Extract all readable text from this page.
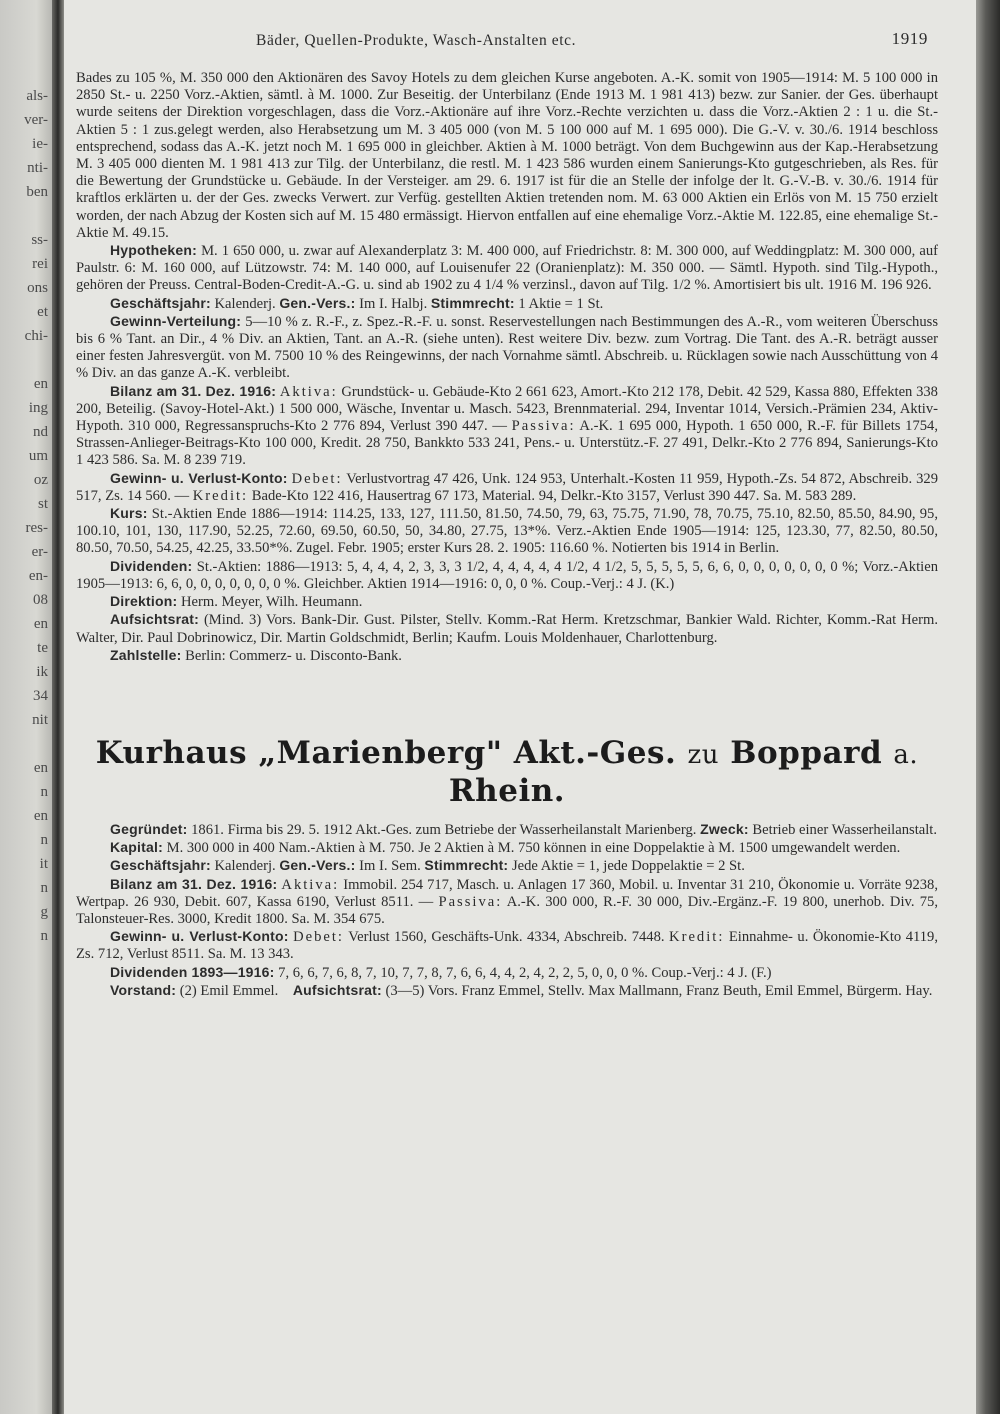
als-
ver-
ie-
nti-
ben

ss-
rei
ons
et
chi-

en
ing
nd
um
oz
st
res-
er-
en-
08
en
te
ik
34
nit

en
n
en
n
it
n
g
n
Bäder, Quellen-Produkte, Wasch-Anstalten etc.	1919

Bades zu 105 %, M. 350 000 den Aktionären des Savoy Hotels zu dem gleichen Kurse angeboten. A.-K. somit von 1905—1914: M. 5 100 000 in 2850 St.- u. 2250 Vorz.-Aktien, sämtl. à M. 1000. Zur Beseitig. der Unterbilanz (Ende 1913 M. 1 981 413) bezw. zur Sanier. der Ges. überhaupt wurde seitens der Direktion vorgeschlagen, dass die Vorz.-Aktionäre auf ihre Vorz.-Rechte verzichten u. dass die Vorz.-Aktien 2 : 1 u. die St.-Aktien 5 : 1 zus.gelegt werden, also Herabsetzung um M. 3 405 000 (von M. 5 100 000 auf M. 1 695 000). Die G.-V. v. 30./6. 1914 beschloss entsprechend, sodass das A.-K. jetzt noch M. 1 695 000 in gleichber. Aktien à M. 1000 beträgt. Von dem Buchgewinn aus der Kap.-Herabsetzung M. 3 405 000 dienten M. 1 981 413 zur Tilg. der Unterbilanz, die restl. M. 1 423 586 wurden einem Sanierungs-Kto gutgeschrieben, als Res. für die Bewertung der Grundstücke u. Gebäude. In der Versteiger. am 29. 6. 1917 ist für die an Stelle der infolge der lt. G.-V.-B. v. 30./6. 1914 für kraftlos erklärten u. der der Ges. zwecks Verwert. zur Verfüg. gestellten Aktien tretenden nom. M. 63 000 Aktien ein Erlös von M. 15 750 erzielt worden, der nach Abzug der Kosten sich auf M. 15 480 ermässigt. Hiervon entfallen auf eine ehemalige Vorz.-Aktie M. 122.85, eine ehemalige St.-Aktie M. 49.15.

Hypotheken: M. 1 650 000, u. zwar auf Alexanderplatz 3: M. 400 000, auf Friedrichstr. 8: M. 300 000, auf Weddingplatz: M. 300 000, auf Paulstr. 6: M. 160 000, auf Lützowstr. 74: M. 140 000, auf Louisenufer 22 (Oranienplatz): M. 350 000. — Sämtl. Hypoth. sind Tilg.-Hypoth., gehören der Preuss. Central-Boden-Credit-A.-G. u. sind ab 1902 zu 4 1/4 % verzinsl., davon auf Tilg. 1/2 %. Amortisiert bis ult. 1916 M. 196 926.

Geschäftsjahr: Kalenderj. Gen.-Vers.: Im I. Halbj. Stimmrecht: 1 Aktie = 1 St.

Gewinn-Verteilung: 5—10 % z. R.-F., z. Spez.-R.-F. u. sonst. Reservestellungen nach Bestimmungen des A.-R., vom weiteren Überschuss bis 6 % Tant. an Dir., 4 % Div. an Aktien, Tant. an A.-R. (siehe unten). Rest weitere Div. bezw. zum Vortrag. Die Tant. des A.-R. beträgt ausser einer festen Jahresvergüt. von M. 7500 10 % des Reingewinns, der nach Vornahme sämtl. Abschreib. u. Rücklagen sowie nach Ausschüttung von 4 % Div. an das ganze A.-K. verbleibt.

Bilanz am 31. Dez. 1916: Aktiva: Grundstück- u. Gebäude-Kto 2 661 623, Amort.-Kto 212 178, Debit. 42 529, Kassa 880, Effekten 338 200, Beteilig. (Savoy-Hotel-Akt.) 1 500 000, Wäsche, Inventar u. Masch. 5423, Brennmaterial. 294, Inventar 1014, Versich.-Prämien 234, Aktiv-Hypoth. 310 000, Regressanspruchs-Kto 2 776 894, Verlust 390 447. — Passiva: A.-K. 1 695 000, Hypoth. 1 650 000, R.-F. für Billets 1754, Strassen-Anlieger-Beitrags-Kto 100 000, Kredit. 28 750, Bankkto 533 241, Pens.- u. Unterstütz.-F. 27 491, Delkr.-Kto 2 776 894, Sanierungs-Kto 1 423 586. Sa. M. 8 239 719.

Gewinn- u. Verlust-Konto: Debet: Verlustvortrag 47 426, Unk. 124 953, Unterhalt.-Kosten 11 959, Hypoth.-Zs. 54 872, Abschreib. 329 517, Zs. 14 560. — Kredit: Bade-Kto 122 416, Hausertrag 67 173, Material. 94, Delkr.-Kto 3157, Verlust 390 447. Sa. M. 583 289.

Kurs: St.-Aktien Ende 1886—1914: 114.25, 133, 127, 111.50, 81.50, 74.50, 79, 63, 75.75, 71.90, 78, 70.75, 75.10, 82.50, 85.50, 84.90, 95, 100.10, 101, 130, 117.90, 52.25, 72.60, 69.50, 60.50, 50, 34.80, 27.75, 13*%. Verz.-Aktien Ende 1905—1914: 125, 123.30, 77, 82.50, 80.50, 80.50, 70.50, 54.25, 42.25, 33.50*%. Zugel. Febr. 1905; erster Kurs 28. 2. 1905: 116.60 %. Notierten bis 1914 in Berlin.

Dividenden: St.-Aktien: 1886—1913: 5, 4, 4, 4, 2, 3, 3, 3 1/2, 4, 4, 4, 4, 4 1/2, 4 1/2, 5, 5, 5, 5, 5, 6, 6, 0, 0, 0, 0, 0, 0, 0 %; Vorz.-Aktien 1905—1913: 6, 6, 0, 0, 0, 0, 0, 0, 0 %. Gleichber. Aktien 1914—1916: 0, 0, 0 %. Coup.-Verj.: 4 J. (K.)

Direktion: Herm. Meyer, Wilh. Heumann.

Aufsichtsrat: (Mind. 3) Vors. Bank-Dir. Gust. Pilster, Stellv. Komm.-Rat Herm. Kretzschmar, Bankier Wald. Richter, Komm.-Rat Herm. Walter, Dir. Paul Dobrinowicz, Dir. Martin Goldschmidt, Berlin; Kaufm. Louis Moldenhauer, Charlottenburg.

Zahlstelle: Berlin: Commerz- u. Disconto-Bank.

Kurhaus „Marienberg" Akt.-Ges. zu Boppard a. Rhein.

Gegründet: 1861. Firma bis 29. 5. 1912 Akt.-Ges. zum Betriebe der Wasserheilanstalt Marienberg. Zweck: Betrieb einer Wasserheilanstalt.

Kapital: M. 300 000 in 400 Nam.-Aktien à M. 750. Je 2 Aktien à M. 750 können in eine Doppelaktie à M. 1500 umgewandelt werden.

Geschäftsjahr: Kalenderj. Gen.-Vers.: Im I. Sem. Stimmrecht: Jede Aktie = 1, jede Doppelaktie = 2 St.

Bilanz am 31. Dez. 1916: Aktiva: Immobil. 254 717, Masch. u. Anlagen 17 360, Mobil. u. Inventar 31 210, Ökonomie u. Vorräte 9238, Wertpap. 26 930, Debit. 607, Kassa 6190, Verlust 8511. — Passiva: A.-K. 300 000, R.-F. 30 000, Div.-Ergänz.-F. 19 800, unerhob. Div. 75, Talonsteuer-Res. 3000, Kredit 1800. Sa. M. 354 675.

Gewinn- u. Verlust-Konto: Debet: Verlust 1560, Geschäfts-Unk. 4334, Abschreib. 7448. Kredit: Einnahme- u. Ökonomie-Kto 4119, Zs. 712, Verlust 8511. Sa. M. 13 343.

Dividenden 1893—1916: 7, 6, 6, 7, 6, 8, 7, 10, 7, 7, 8, 7, 6, 6, 4, 4, 2, 4, 2, 2, 5, 0, 0, 0 %. Coup.-Verj.: 4 J. (F.)

Vorstand: (2) Emil Emmel. Aufsichtsrat: (3—5) Vors. Franz Emmel, Stellv. Max Mallmann, Franz Beuth, Emil Emmel, Bürgerm. Hay.
